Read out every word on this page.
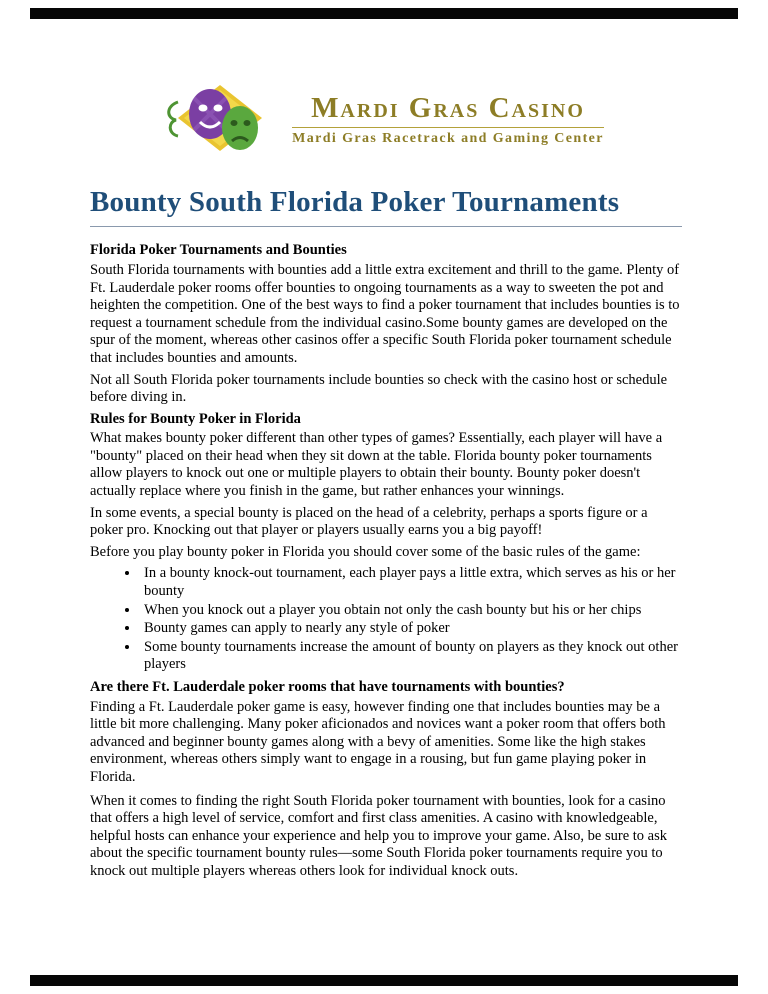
Mardi Gras Casino
Mardi Gras Racetrack and Gaming Center
Bounty South Florida Poker Tournaments

Florida Poker Tournaments and Bounties

South Florida tournaments with bounties add a little extra excitement and thrill to the game. Plenty of Ft. Lauderdale poker rooms offer bounties to ongoing tournaments as a way to sweeten the pot and heighten the competition. One of the best ways to find a poker tournament that includes bounties is to request a tournament schedule from the individual casino.Some bounty games are developed on the spur of the moment, whereas other casinos offer a specific South Florida poker tournament schedule that includes bounties and amounts.

Not all South Florida poker tournaments include bounties so check with the casino host or schedule before diving in.

Rules for Bounty Poker in Florida

What makes bounty poker different than other types of games? Essentially, each player will have a "bounty" placed on their head when they sit down at the table. Florida bounty poker tournaments allow players to knock out one or multiple players to obtain their bounty. Bounty poker doesn't actually replace where you finish in the game, but rather enhances your winnings.

In some events, a special bounty is placed on the head of a celebrity, perhaps a sports figure or a poker pro. Knocking out that player or players usually earns you a big payoff!

Before you play bounty poker in Florida you should cover some of the basic rules of the game:

• In a bounty knock-out tournament, each player pays a little extra, which serves as his or her bounty
• When you knock out a player you obtain not only the cash bounty but his or her chips
• Bounty games can apply to nearly any style of poker
• Some bounty tournaments increase the amount of bounty on players as they knock out other players

Are there Ft. Lauderdale poker rooms that have tournaments with bounties?

Finding a Ft. Lauderdale poker game is easy, however finding one that includes bounties may be a little bit more challenging. Many poker aficionados and novices want a poker room that offers both advanced and beginner bounty games along with a bevy of amenities. Some like the high stakes environment, whereas others simply want to engage in a rousing, but fun game playing poker in Florida.

When it comes to finding the right South Florida poker tournament with bounties, look for a casino that offers a high level of service, comfort and first class amenities. A casino with knowledgeable, helpful hosts can enhance your experience and help you to improve your game. Also, be sure to ask about the specific tournament bounty rules—some South Florida poker tournaments require you to knock out multiple players whereas others look for individual knock outs.
